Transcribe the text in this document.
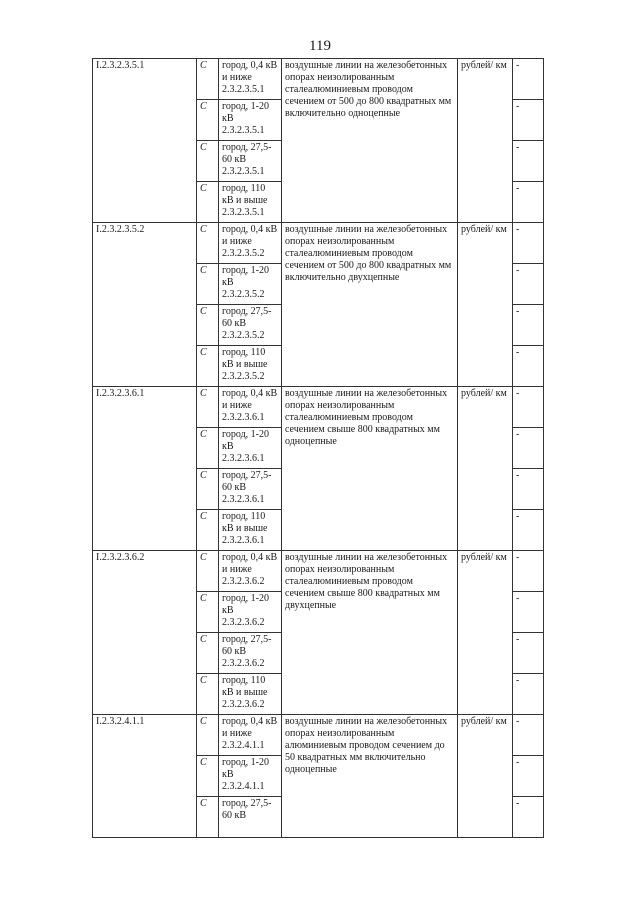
119
I.2.3.2.3.5.1	C	город, 0,4 кВ и ниже 2.3.2.3.5.1	воздушные линии на железобетонных опорах неизолированным сталеалюминиевым проводом сечением от 500 до 800 квадратных мм включительно одноцепные	рублей/ км	-
	C	город, 1-20 кВ 2.3.2.3.5.1			-
	C	город, 27,5-60 кВ 2.3.2.3.5.1			-
	C	город, 110 кВ и выше 2.3.2.3.5.1			-
I.2.3.2.3.5.2	C	город, 0,4 кВ и ниже 2.3.2.3.5.2	воздушные линии на железобетонных опорах неизолированным сталеалюминиевым проводом сечением от 500 до 800 квадратных мм включительно двухцепные	рублей/ км	-
	C	город, 1-20 кВ 2.3.2.3.5.2			-
	C	город, 27,5-60 кВ 2.3.2.3.5.2			-
	C	город, 110 кВ и выше 2.3.2.3.5.2			-
I.2.3.2.3.6.1	C	город, 0,4 кВ и ниже 2.3.2.3.6.1	воздушные линии на железобетонных опорах неизолированным сталеалюминиевым проводом сечением свыше 800 квадратных мм одноцепные	рублей/ км	-
	C	город, 1-20 кВ 2.3.2.3.6.1			-
	C	город, 27,5-60 кВ 2.3.2.3.6.1			-
	C	город, 110 кВ и выше 2.3.2.3.6.1			-
I.2.3.2.3.6.2	C	город, 0,4 кВ и ниже 2.3.2.3.6.2	воздушные линии на железобетонных опорах неизолированным сталеалюминиевым проводом сечением свыше 800 квадратных мм двухцепные	рублей/ км	-
	C	город, 1-20 кВ 2.3.2.3.6.2			-
	C	город, 27,5-60 кВ 2.3.2.3.6.2			-
	C	город, 110 кВ и выше 2.3.2.3.6.2			-
I.2.3.2.4.1.1	C	город, 0,4 кВ и ниже 2.3.2.4.1.1	воздушные линии на железобетонных опорах неизолированным алюминиевым проводом сечением до 50 квадратных мм включительно одноцепные	рублей/ км	-
	C	город, 1-20 кВ 2.3.2.4.1.1			-
	C	город, 27,5-60 кВ			-
